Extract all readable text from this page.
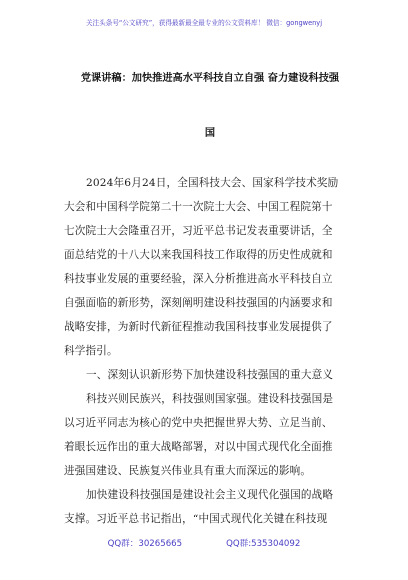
关注头条号“公文研究”，获得最新最全最专业的公文资料库！ 微信：gongwenyj
党课讲稿：加快推进高水平科技自立自强 奋力建设科技强
国
2024年6月24日，全国科技大会、国家科学技术奖励
大会和中国科学院第二十一次院士大会、中国工程院第十
七次院士大会隆重召开，习近平总书记发表重要讲话，全
面总结党的十八大以来我国科技工作取得的历史性成就和
科技事业发展的重要经验，深入分析推进高水平科技自立
自强面临的新形势，深刻阐明建设科技强国的内涵要求和
战略安排，为新时代新征程推动我国科技事业发展提供了
科学指引。
一、深刻认识新形势下加快建设科技强国的重大意义
科技兴则民族兴，科技强则国家强。建设科技强国是
以习近平同志为核心的党中央把握世界大势、立足当前、
着眼长远作出的重大战略部署，对以中国式现代化全面推
进强国建设、民族复兴伟业具有重大而深远的影响。
加快建设科技强国是建设社会主义现代化强国的战略
支撑。习近平总书记指出，“中国式现代化关键在科技现
QQ群：30265665	QQ群:535304092
